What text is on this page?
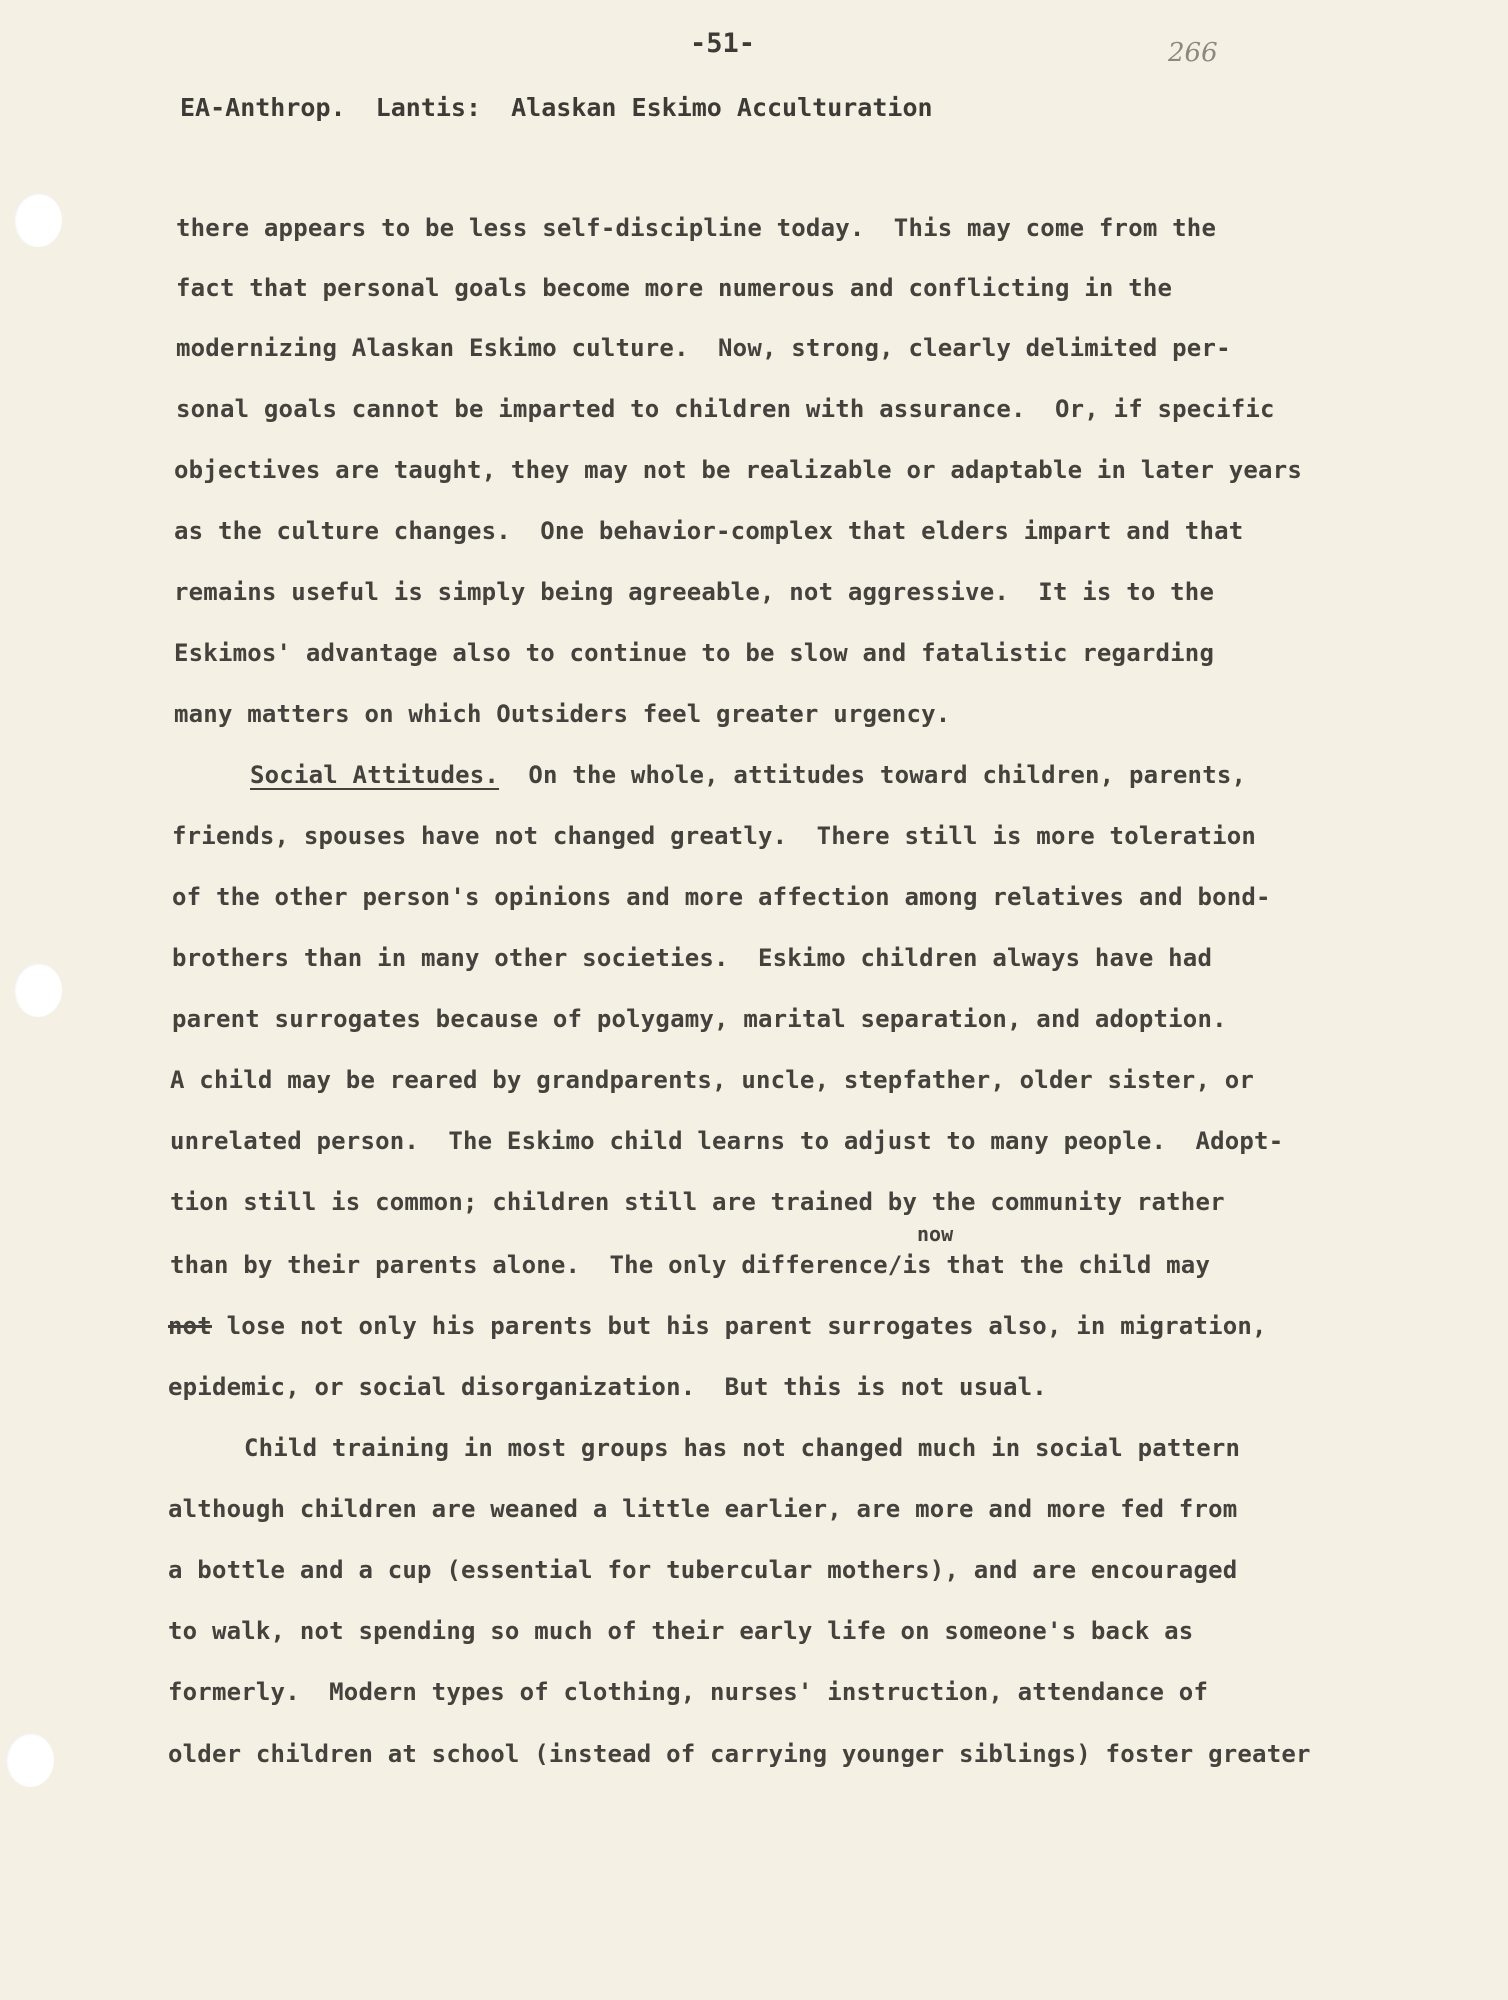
-51-	266
EA-Anthrop.  Lantis:  Alaskan Eskimo Acculturation
there appears to be less self-discipline today.  This may come from the
fact that personal goals become more numerous and conflicting in the
modernizing Alaskan Eskimo culture.  Now, strong, clearly delimited per-
sonal goals cannot be imparted to children with assurance.  Or, if specific
objectives are taught, they may not be realizable or adaptable in later years
as the culture changes.  One behavior-complex that elders impart and that
remains useful is simply being agreeable, not aggressive.  It is to the
Eskimos' advantage also to continue to be slow and fatalistic regarding
many matters on which Outsiders feel greater urgency.
Social Attitudes.  On the whole, attitudes toward children, parents,
friends, spouses have not changed greatly.  There still is more toleration
of the other person's opinions and more affection among relatives and bond-
brothers than in many other societies.  Eskimo children always have had
parent surrogates because of polygamy, marital separation, and adoption.
A child may be reared by grandparents, uncle, stepfather, older sister, or
unrelated person.  The Eskimo child learns to adjust to many people.  Adopt-
tion still is common; children still are trained by the community rather
now
than by their parents alone.  The only difference/is that the child may
not lose not only his parents but his parent surrogates also, in migration,
epidemic, or social disorganization.  But this is not usual.
Child training in most groups has not changed much in social pattern
although children are weaned a little earlier, are more and more fed from
a bottle and a cup (essential for tubercular mothers), and are encouraged
to walk, not spending so much of their early life on someone's back as
formerly.  Modern types of clothing, nurses' instruction, attendance of
older children at school (instead of carrying younger siblings) foster greater
